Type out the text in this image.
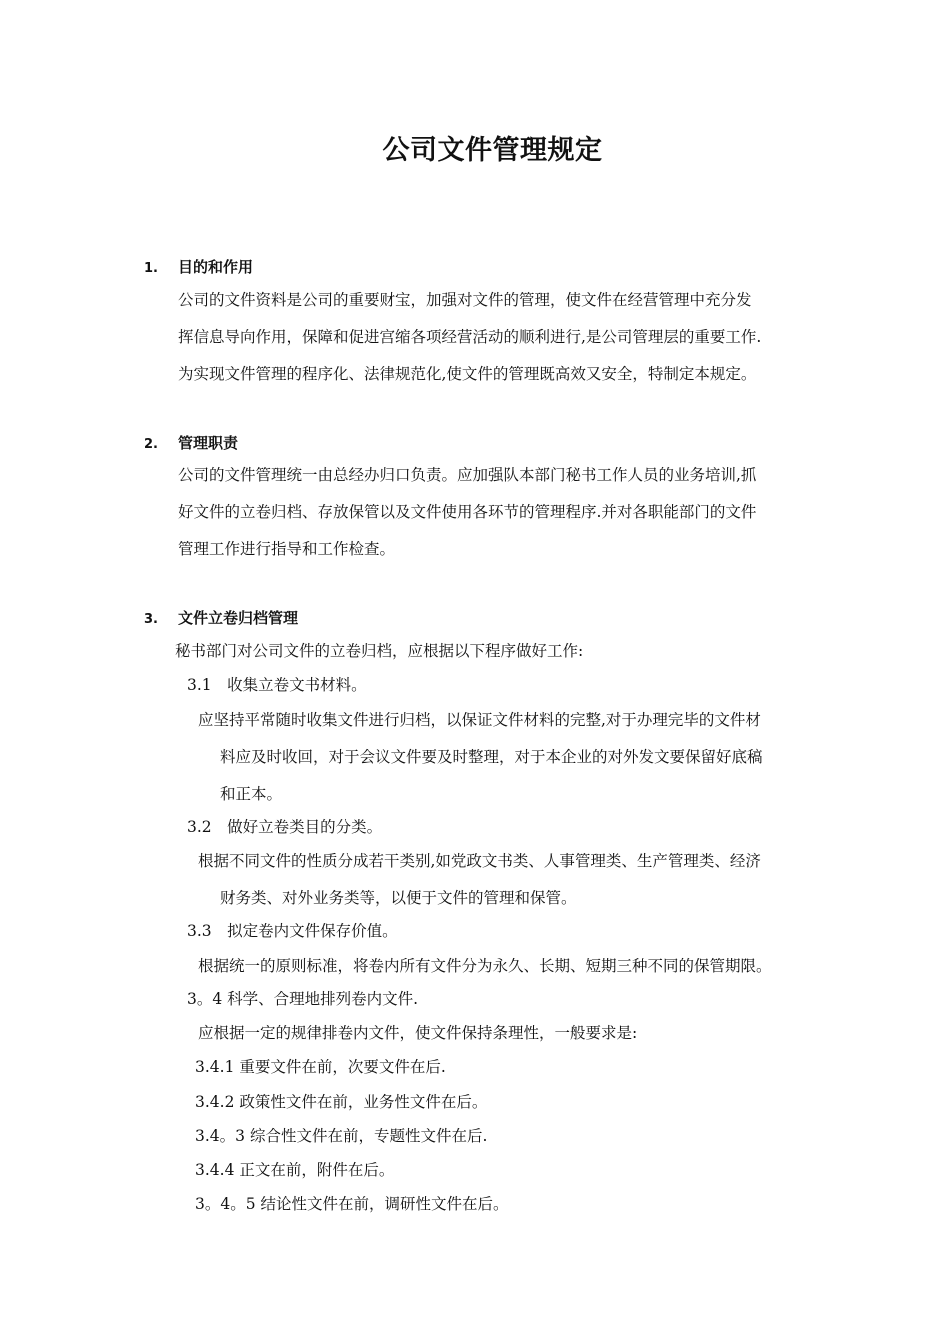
公司文件管理规定
1. 目的和作用
公司的文件资料是公司的重要财宝，加强对文件的管理，使文件在经营管理中充分发
挥信息导向作用，保障和促进宫缩各项经营活动的顺利进行,是公司管理层的重要工作.
为实现文件管理的程序化、法律规范化,使文件的管理既高效又安全，特制定本规定。
2. 管理职责
公司的文件管理统一由总经办归口负责。应加强队本部门秘书工作人员的业务培训,抓
好文件的立卷归档、存放保管以及文件使用各环节的管理程序.并对各职能部门的文件
管理工作进行指导和工作检查。
3. 文件立卷归档管理
秘书部门对公司文件的立卷归档，应根据以下程序做好工作:
3.1　收集立卷文书材料。
应坚持平常随时收集文件进行归档，以保证文件材料的完整,对于办理完毕的文件材
料应及时收回，对于会议文件要及时整理，对于本企业的对外发文要保留好底稿
和正本。
3.2　做好立卷类目的分类。
根据不同文件的性质分成若干类别,如党政文书类、人事管理类、生产管理类、经济
财务类、对外业务类等，以便于文件的管理和保管。
3.3　拟定卷内文件保存价值。
根据统一的原则标准，将卷内所有文件分为永久、长期、短期三种不同的保管期限。
3。4 科学、合理地排列卷内文件.
应根据一定的规律排卷内文件，使文件保持条理性，一般要求是:
3.4.1 重要文件在前，次要文件在后.
3.4.2 政策性文件在前，业务性文件在后。
3.4。3 综合性文件在前，专题性文件在后.
3.4.4 正文在前，附件在后。
3。4。5 结论性文件在前，调研性文件在后。
